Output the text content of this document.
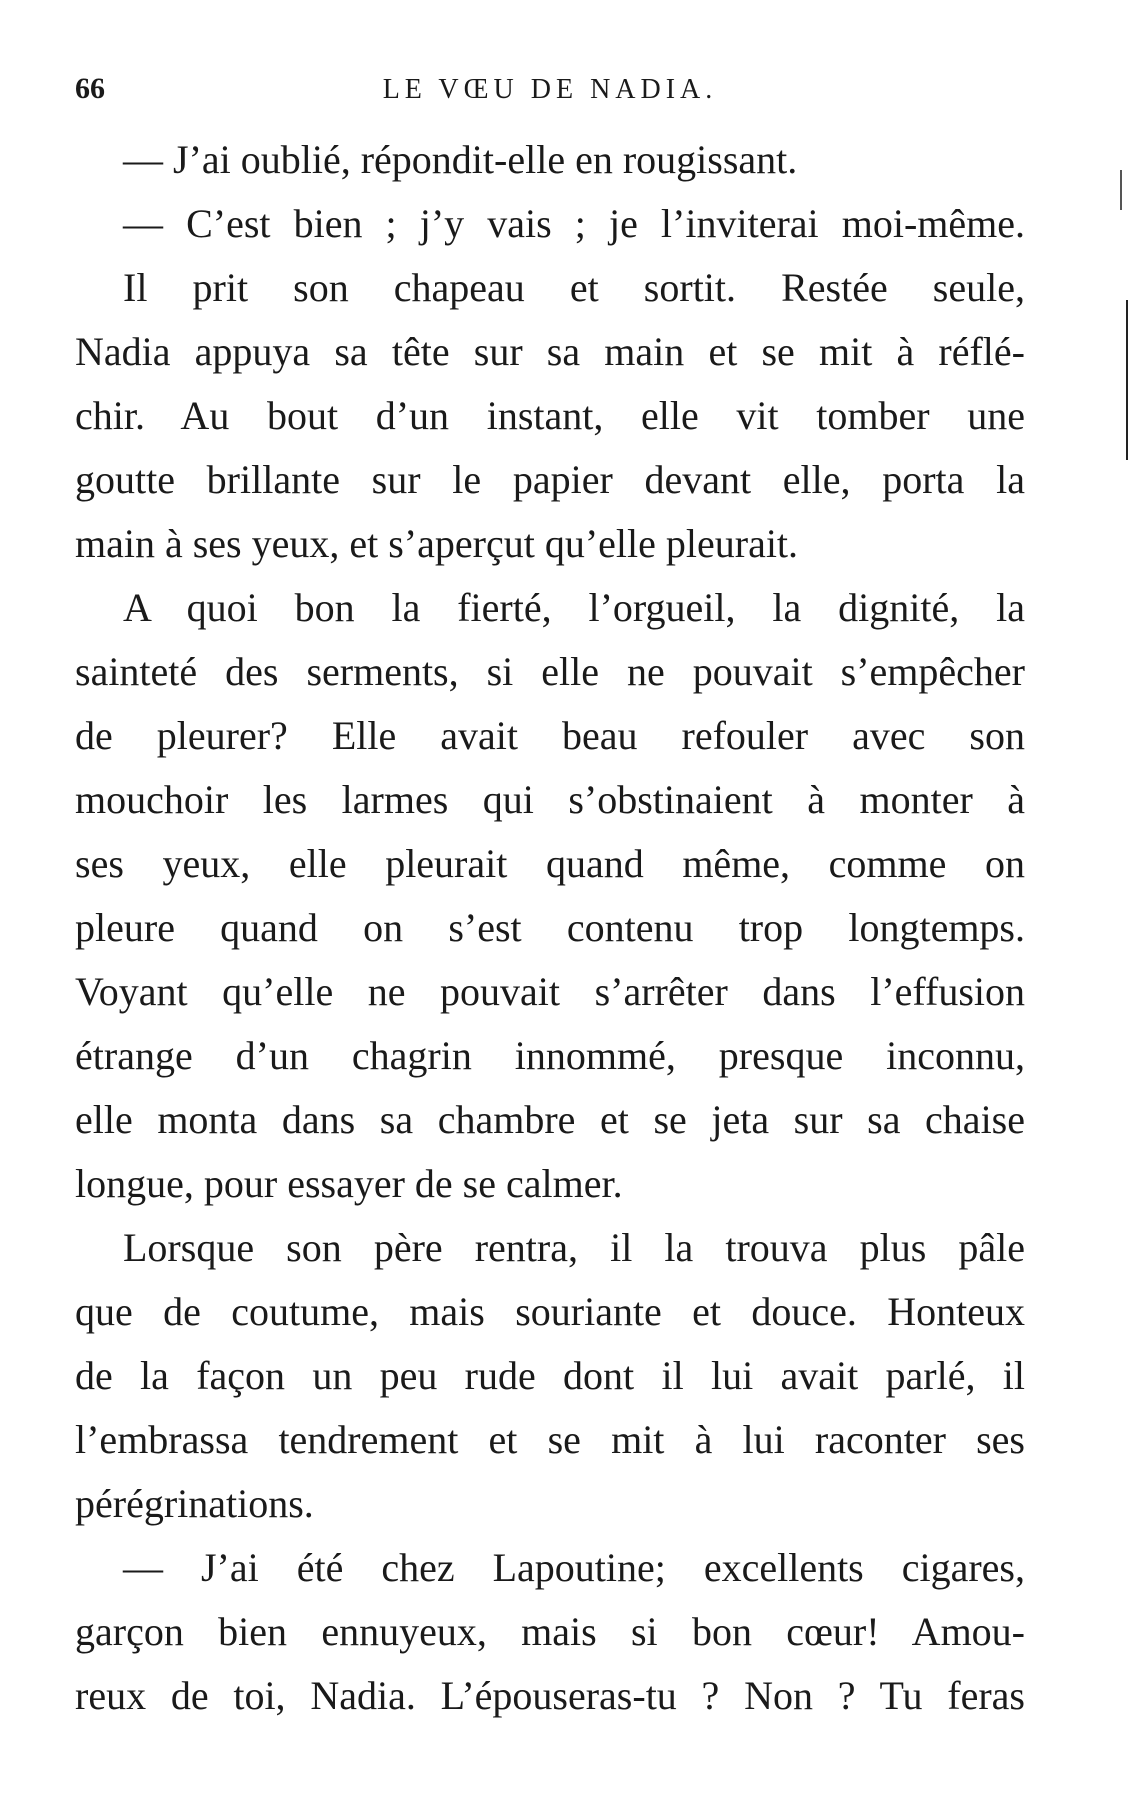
66	LE VŒU DE NADIA.
— J’ai oublié, répondit-elle en rougissant.
— C’est bien ; j’y vais ; je l’inviterai moi-même.
Il prit son chapeau et sortit. Restée seule,
Nadia appuya sa tête sur sa main et se mit à réflé-
chir. Au bout d’un instant, elle vit tomber une
goutte brillante sur le papier devant elle, porta la
main à ses yeux, et s’aperçut qu’elle pleurait.
A quoi bon la fierté, l’orgueil, la dignité, la
sainteté des serments, si elle ne pouvait s’empêcher
de pleurer? Elle avait beau refouler avec son
mouchoir les larmes qui s’obstinaient à monter à
ses yeux, elle pleurait quand même, comme on
pleure quand on s’est contenu trop longtemps.
Voyant qu’elle ne pouvait s’arrêter dans l’effusion
étrange d’un chagrin innommé, presque inconnu,
elle monta dans sa chambre et se jeta sur sa chaise
longue, pour essayer de se calmer.
Lorsque son père rentra, il la trouva plus pâle
que de coutume, mais souriante et douce. Honteux
de la façon un peu rude dont il lui avait parlé, il
l’embrassa tendrement et se mit à lui raconter ses
pérégrinations.
— J’ai été chez Lapoutine; excellents cigares,
garçon bien ennuyeux, mais si bon cœur! Amou-
reux de toi, Nadia. L’épouseras-tu ? Non ? Tu feras
